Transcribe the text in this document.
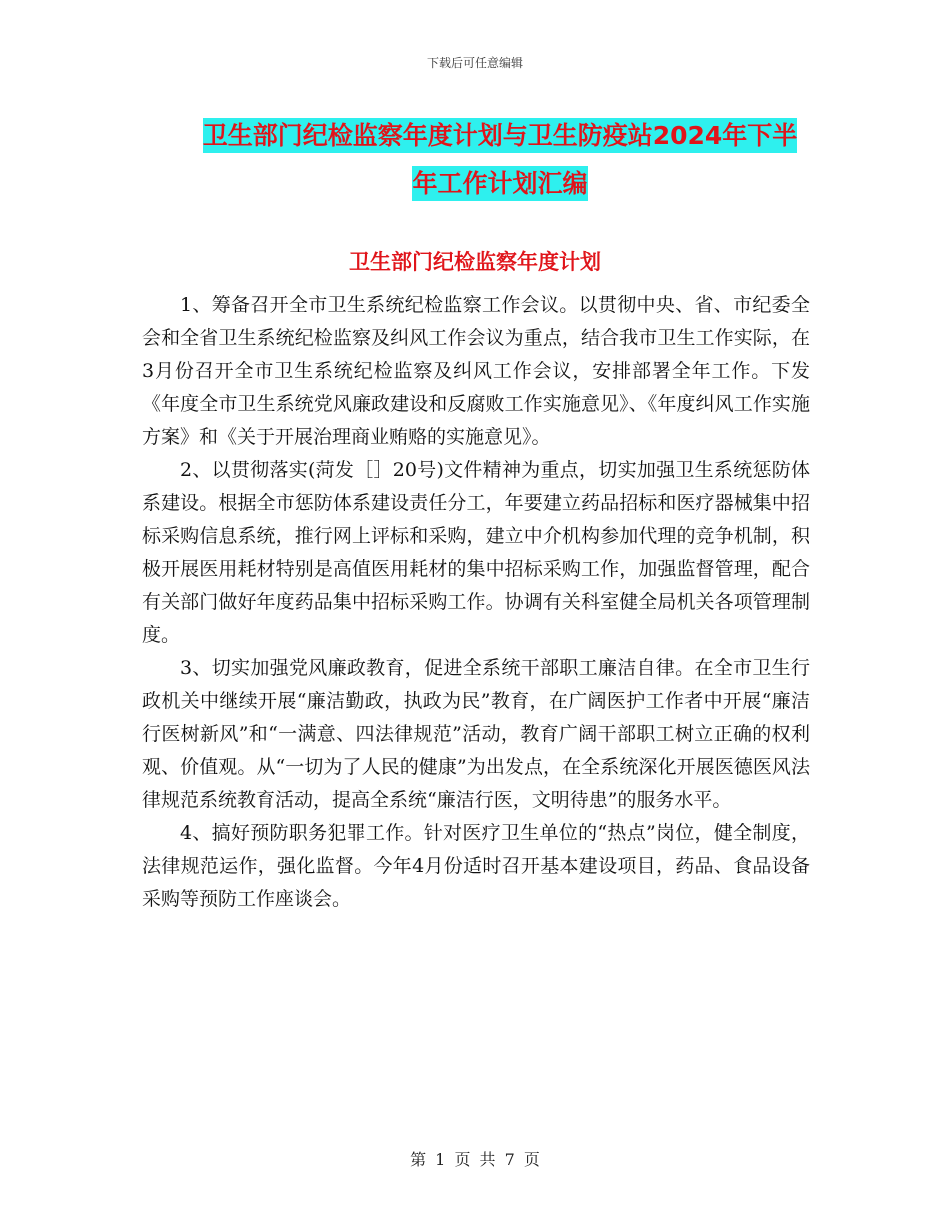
下载后可任意编辑
卫生部门纪检监察年度计划与卫生防疫站2024年下半
年工作计划汇编
卫生部门纪检监察年度计划

1、筹备召开全市卫生系统纪检监察工作会议。以贯彻中央、省、市纪委全会和全省卫生系统纪检监察及纠风工作会议为重点，结合我市卫生工作实际，在3月份召开全市卫生系统纪检监察及纠风工作会议，安排部署全年工作。下发《年度全市卫生系统党风廉政建设和反腐败工作实施意见》、《年度纠风工作实施方案》和《关于开展治理商业贿赂的实施意见》。

2、以贯彻落实(菏发［］20号)文件精神为重点，切实加强卫生系统惩防体系建设。根据全市惩防体系建设责任分工，年要建立药品招标和医疗器械集中招标采购信息系统，推行网上评标和采购，建立中介机构参加代理的竞争机制，积极开展医用耗材特别是高值医用耗材的集中招标采购工作，加强监督管理，配合有关部门做好年度药品集中招标采购工作。协调有关科室健全局机关各项管理制度。

3、切实加强党风廉政教育，促进全系统干部职工廉洁自律。在全市卫生行政机关中继续开展“廉洁勤政，执政为民”教育，在广阔医护工作者中开展“廉洁行医树新风”和“一满意、四法律规范”活动，教育广阔干部职工树立正确的权利观、价值观。从“一切为了人民的健康”为出发点，在全系统深化开展医德医风法律规范系统教育活动，提高全系统“廉洁行医，文明待患”的服务水平。

4、搞好预防职务犯罪工作。针对医疗卫生单位的“热点”岗位，健全制度，法律规范运作，强化监督。今年4月份适时召开基本建设项目，药品、食品设备采购等预防工作座谈会。

第 1 页 共 7 页
